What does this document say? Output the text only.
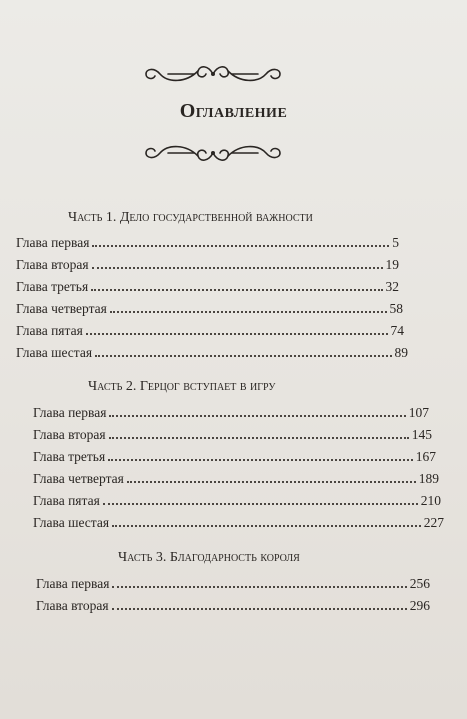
Оглавление
Часть 1. Дело государственной важности
Глава первая	5
Глава вторая	19
Глава третья	32
Глава четвертая	58
Глава пятая	74
Глава шестая	89
Часть 2. Герцог вступает в игру
Глава первая	107
Глава вторая	145
Глава третья	167
Глава четвертая	189
Глава пятая	210
Глава шестая	227
Часть 3. Благодарность короля
Глава первая	256
Глава вторая	296
